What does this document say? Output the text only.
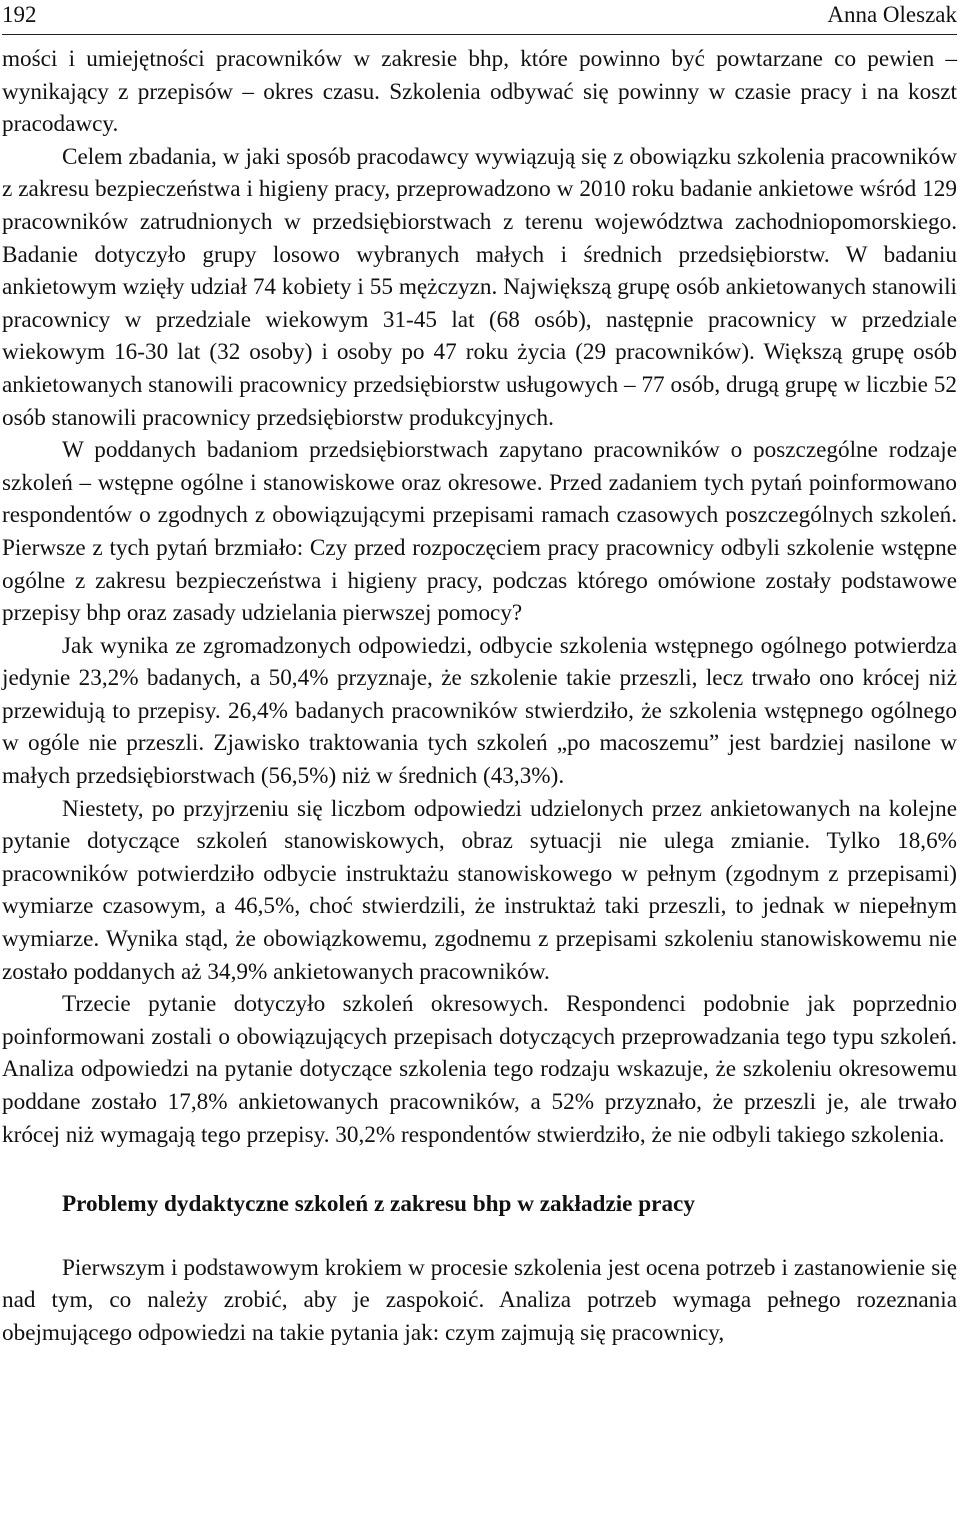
192	Anna Oleszak

mości i umiejętności pracowników w zakresie bhp, które powinno być powtarzane co pewien – wynikający z przepisów – okres czasu. Szkolenia odbywać się powinny w czasie pracy i na koszt pracodawcy.

Celem zbadania, w jaki sposób pracodawcy wywiązują się z obowiązku szkolenia pracowników z zakresu bezpieczeństwa i higieny pracy, przeprowadzono w 2010 roku badanie ankietowe wśród 129 pracowników zatrudnionych w przedsiębiorstwach z terenu województwa zachodniopomorskiego. Badanie dotyczyło grupy losowo wybranych małych i średnich przedsiębiorstw. W badaniu ankietowym wzięły udział 74 kobiety i 55 mężczyzn. Największą grupę osób ankietowanych stanowili pracownicy w przedziale wiekowym 31-45 lat (68 osób), następnie pracownicy w przedziale wiekowym 16-30 lat (32 osoby) i osoby po 47 roku życia (29 pracowników). Większą grupę osób ankietowanych stanowili pracownicy przedsiębiorstw usługowych – 77 osób, drugą grupę w liczbie 52 osób stanowili pracownicy przedsiębiorstw produkcyjnych.

W poddanych badaniom przedsiębiorstwach zapytano pracowników o poszczególne rodzaje szkoleń – wstępne ogólne i stanowiskowe oraz okresowe. Przed zadaniem tych pytań poinformowano respondentów o zgodnych z obowiązującymi przepisami ramach czasowych poszczególnych szkoleń. Pierwsze z tych pytań brzmiało: Czy przed rozpoczęciem pracy pracownicy odbyli szkolenie wstępne ogólne z zakresu bezpieczeństwa i higieny pracy, podczas którego omówione zostały podstawowe przepisy bhp oraz zasady udzielania pierwszej pomocy?

Jak wynika ze zgromadzonych odpowiedzi, odbycie szkolenia wstępnego ogólnego potwierdza jedynie 23,2% badanych, a 50,4% przyznaje, że szkolenie takie przeszli, lecz trwało ono krócej niż przewidują to przepisy. 26,4% badanych pracowników stwierdziło, że szkolenia wstępnego ogólnego w ogóle nie przeszli. Zjawisko traktowania tych szkoleń „po macoszemu” jest bardziej nasilone w małych przedsiębiorstwach (56,5%) niż w średnich (43,3%).

Niestety, po przyjrzeniu się liczbom odpowiedzi udzielonych przez ankietowanych na kolejne pytanie dotyczące szkoleń stanowiskowych, obraz sytuacji nie ulega zmianie. Tylko 18,6% pracowników potwierdziło odbycie instruktażu stanowiskowego w pełnym (zgodnym z przepisami) wymiarze czasowym, a 46,5%, choć stwierdzili, że instruktaż taki przeszli, to jednak w niepełnym wymiarze. Wynika stąd, że obowiązkowemu, zgodnemu z przepisami szkoleniu stanowiskowemu nie zostało poddanych aż 34,9% ankietowanych pracowników.

Trzecie pytanie dotyczyło szkoleń okresowych. Respondenci podobnie jak poprzednio poinformowani zostali o obowiązujących przepisach dotyczących przeprowadzania tego typu szkoleń. Analiza odpowiedzi na pytanie dotyczące szkolenia tego rodzaju wskazuje, że szkoleniu okresowemu poddane zostało 17,8% ankietowanych pracowników, a 52% przyznało, że przeszli je, ale trwało krócej niż wymagają tego przepisy. 30,2% respondentów stwierdziło, że nie odbyli takiego szkolenia.

Problemy dydaktyczne szkoleń z zakresu bhp w zakładzie pracy

Pierwszym i podstawowym krokiem w procesie szkolenia jest ocena potrzeb i zastanowienie się nad tym, co należy zrobić, aby je zaspokoić. Analiza potrzeb wymaga pełnego rozeznania obejmującego odpowiedzi na takie pytania jak: czym zajmują się pracownicy,
